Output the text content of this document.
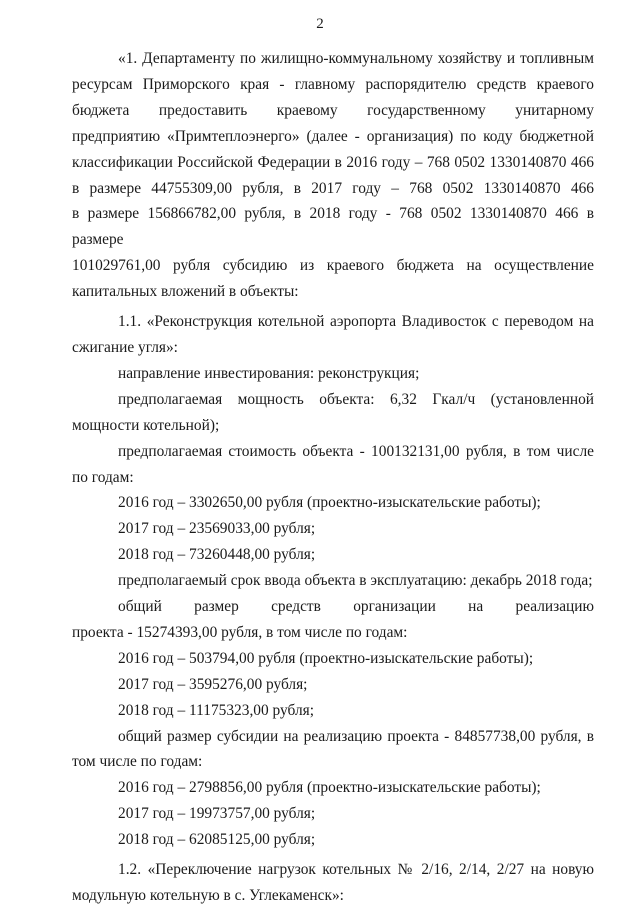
2
«1. Департаменту по жилищно-коммунальному хозяйству и топливным
ресурсам Приморского края - главному распорядителю средств краевого
бюджета предоставить краевому государственному унитарному
предприятию «Примтеплоэнерго» (далее - организация) по коду бюджетной
классификации Российской Федерации в 2016 году – 768 0502 1330140870 466
в размере 44755309,00 рубля, в 2017 году – 768 0502 1330140870 466
в размере 156866782,00 рубля, в 2018 году - 768 0502 1330140870 466 в размере
101029761,00 рубля субсидию из краевого бюджета на осуществление
капитальных вложений в объекты:

1.1. «Реконструкция котельной аэропорта Владивосток с переводом на сжигание угля»:

направление инвестирования: реконструкция;

предполагаемая мощность объекта: 6,32 Гкал/ч (установленной мощности котельной);

предполагаемая стоимость объекта - 100132131,00 рубля, в том числе по годам:

2016 год – 3302650,00 рубля (проектно-изыскательские работы);

2017 год – 23569033,00 рубля;

2018 год – 73260448,00 рубля;

предполагаемый срок ввода объекта в эксплуатацию: декабрь 2018 года;

общий размер средств организации на реализацию
проекта - 15274393,00 рубля, в том числе по годам:

2016 год – 503794,00 рубля (проектно-изыскательские работы);

2017 год – 3595276,00 рубля;

2018 год – 11175323,00 рубля;

общий размер субсидии на реализацию проекта - 84857738,00 рубля, в том числе по годам:

2016 год – 2798856,00 рубля (проектно-изыскательские работы);

2017 год – 19973757,00 рубля;

2018 год – 62085125,00 рубля;

1.2. «Переключение нагрузок котельных № 2/16, 2/14, 2/27 на новую модульную котельную в с. Углекаменск»:
